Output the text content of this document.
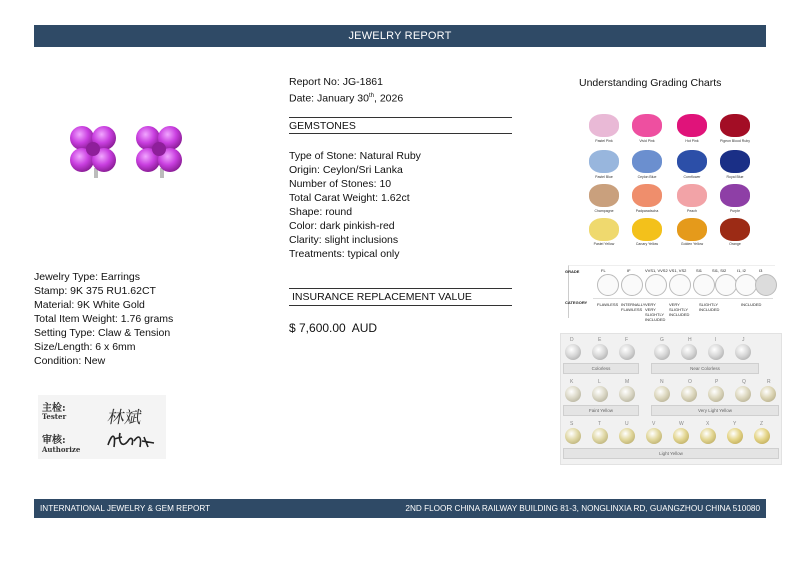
JEWELRY REPORT
Jewelry Type: Earrings
Stamp: 9K 375 RU1.62CT
Material: 9K White Gold
Total Item Weight: 1.76 grams
Setting Type: Claw & Tension
Size/Length: 6 x 6mm
Condition: New
主检:
Tester
审核:
Authorize
林斌
Report No: JG-1861
Date: January 30th, 2026
GEMSTONES
Type of Stone: Natural Ruby
Origin: Ceylon/Sri Lanka
Number of Stones: 10
Total Carat Weight: 1.62ct
Shape: round
Color: dark pinkish-red
Clarity: slight inclusions
Treatments: typical only
INSURANCE REPLACEMENT VALUE
$ 7,600.00  AUD
Understanding Grading Charts
Pastel Pink	Vivid Pink	Hot Pink	Pigeon Blood Ruby
Pastel Blue	Ceylon Blue	Cornflower	Royal Blue
Champagne	Padparadscha	Peach	Purple
Pastel Yellow	Canary Yellow	Golden Yellow	Orange
GRADE
CATEGORY
FL	IF	VVS1, VVS2 VS1, VS2 SI1 SI1, SI2	I1, I2	I3
FLAWLESS INTERNALLY FLAWLESS
VERY VERY SLIGHTLY INCLUDED
VERY SLIGHTLY INCLUDED
SLIGHTLY INCLUDED
INCLUDED
D	E	F	G	H	I	J
Colorless	Near Colorless
K	L	M	N	O	P	Q	R
Faint Yellow	Very Light Yellow
S	T	U	V	W	X	Y	Z
Light Yellow
INTERNATIONAL JEWELRY & GEM REPORT	2ND FLOOR CHINA RAILWAY BUILDING 81-3, NONGLINXIA RD, GUANGZHOU CHINA 510080
